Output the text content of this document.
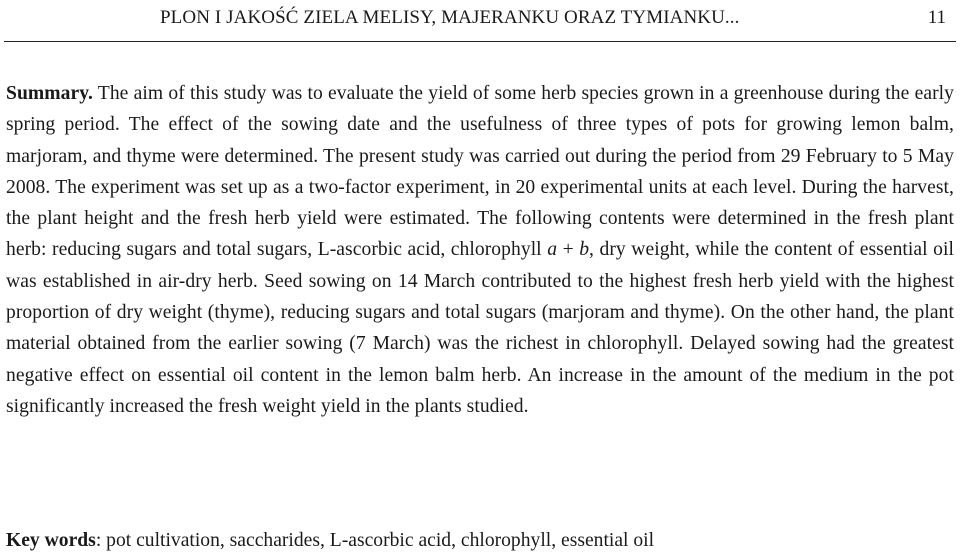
PLON I JAKOŚĆ ZIELA MELISY, MAJERANKU ORAZ TYMIANKU...	11

Summary. The aim of this study was to evaluate the yield of some herb species grown in a greenhouse during the early spring period. The effect of the sowing date and the usefulness of three types of pots for growing lemon balm, marjoram, and thyme were determined. The present study was carried out during the period from 29 February to 5 May 2008. The experiment was set up as a two-factor experiment, in 20 experimental units at each level. During the harvest, the plant height and the fresh herb yield were estimated. The following contents were determined in the fresh plant herb: reducing sugars and total sugars, L-ascorbic acid, chlorophyll a + b, dry weight, while the content of essential oil was established in air-dry herb. Seed sowing on 14 March contributed to the highest fresh herb yield with the highest proportion of dry weight (thyme), reducing sugars and total sugars (marjoram and thyme). On the other hand, the plant material obtained from the earlier sowing (7 March) was the richest in chlorophyll. Delayed sowing had the greatest negative effect on essential oil content in the lemon balm herb. An increase in the amount of the medium in the pot significantly increased the fresh weight yield in the plants studied.

Key words: pot cultivation, saccharides, L-ascorbic acid, chlorophyll, essential oil
